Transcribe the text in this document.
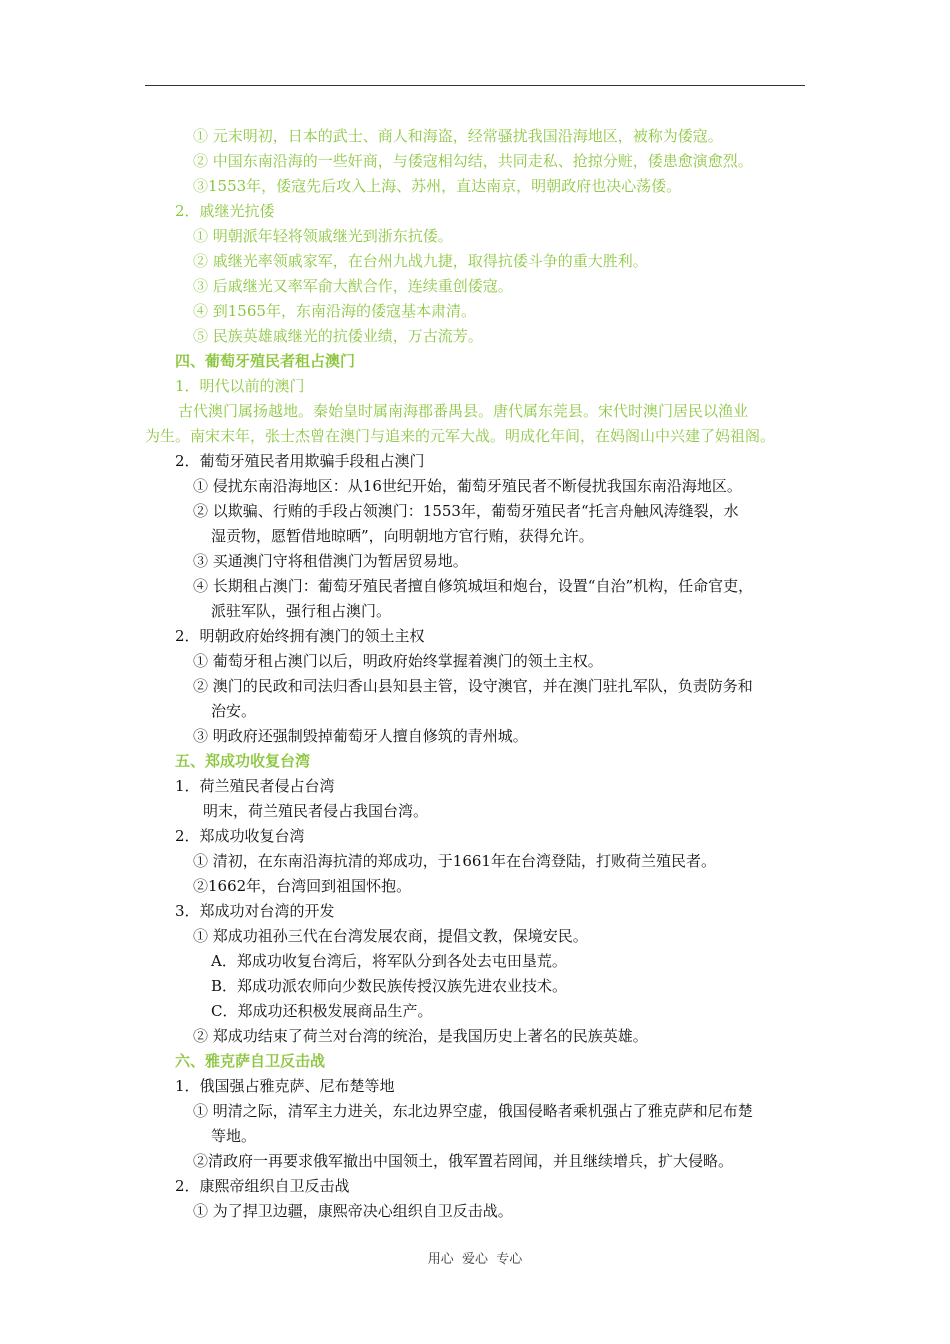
① 元末明初，日本的武士、商人和海盗，经常骚扰我国沿海地区，被称为倭寇。
② 中国东南沿海的一些奸商，与倭寇相勾结，共同走私、抢掠分赃，倭患愈演愈烈。
③1553年，倭寇先后攻入上海、苏州，直达南京，明朝政府也决心荡倭。
2．戚继光抗倭
① 明朝派年轻将领戚继光到浙东抗倭。
② 戚继光率领戚家军，在台州九战九捷，取得抗倭斗争的重大胜利。
③ 后戚继光又率军俞大猷合作，连续重创倭寇。
④ 到1565年，东南沿海的倭寇基本肃清。
⑤ 民族英雄戚继光的抗倭业绩，万古流芳。
四、葡萄牙殖民者租占澳门
1．明代以前的澳门
古代澳门属扬越地。秦始皇时属南海郡番禺县。唐代属东莞县。宋代时澳门居民以渔业
为生。南宋末年，张士杰曾在澳门与追来的元军大战。明成化年间，在妈阁山中兴建了妈祖阁。
2．葡萄牙殖民者用欺骗手段租占澳门
① 侵扰东南沿海地区：从16世纪开始，葡萄牙殖民者不断侵扰我国东南沿海地区。
② 以欺骗、行贿的手段占领澳门：1553年，葡萄牙殖民者“托言舟触风涛缝裂，水
湿贡物，愿暂借地晾晒”，向明朝地方官行贿，获得允许。
③ 买通澳门守将租借澳门为暂居贸易地。
④ 长期租占澳门：葡萄牙殖民者擅自修筑城垣和炮台，设置“自治”机构，任命官吏，
派驻军队，强行租占澳门。
2．明朝政府始终拥有澳门的领土主权
① 葡萄牙租占澳门以后，明政府始终掌握着澳门的领土主权。
② 澳门的民政和司法归香山县知县主管，设守澳官，并在澳门驻扎军队，负责防务和
治安。
③ 明政府还强制毁掉葡萄牙人擅自修筑的青州城。
五、郑成功收复台湾
1．荷兰殖民者侵占台湾
明末，荷兰殖民者侵占我国台湾。
2．郑成功收复台湾
① 清初，在东南沿海抗清的郑成功，于1661年在台湾登陆，打败荷兰殖民者。
②1662年，台湾回到祖国怀抱。
3．郑成功对台湾的开发
① 郑成功祖孙三代在台湾发展农商，提倡文教，保境安民。
A．郑成功收复台湾后，将军队分到各处去屯田垦荒。
B．郑成功派农师向少数民族传授汉族先进农业技术。
C．郑成功还积极发展商品生产。
② 郑成功结束了荷兰对台湾的统治，是我国历史上著名的民族英雄。
六、雅克萨自卫反击战
1．俄国强占雅克萨、尼布楚等地
① 明清之际，清军主力进关，东北边界空虚，俄国侵略者乘机强占了雅克萨和尼布楚
等地。
②清政府一再要求俄军撤出中国领土，俄军置若罔闻，并且继续增兵，扩大侵略。
2．康熙帝组织自卫反击战
① 为了捍卫边疆，康熙帝决心组织自卫反击战。
用心  爱心  专心
